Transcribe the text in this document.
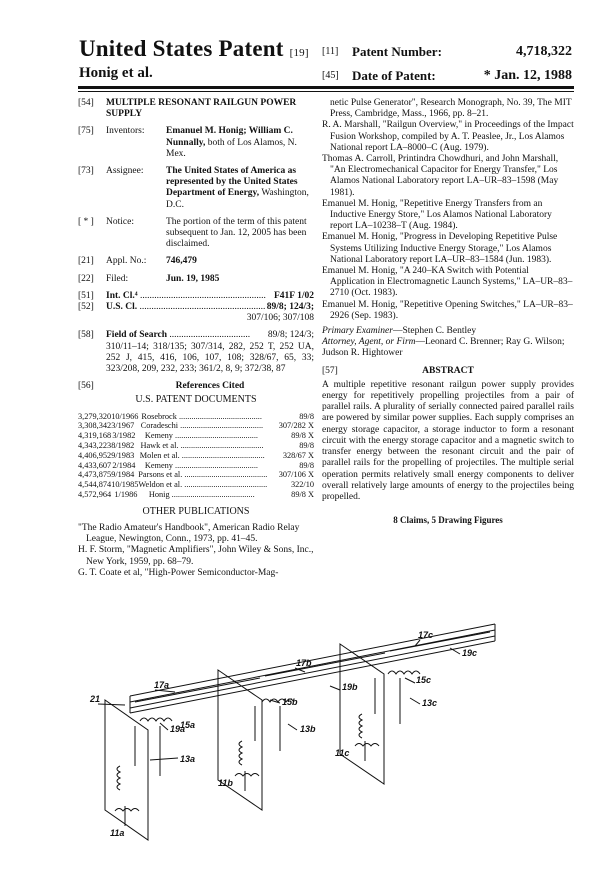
United States Patent [19]
Honig et al.
[11] Patent Number:	4,718,322
[45] Date of Patent:	* Jan. 12, 1988
[54]	MULTIPLE RESONANT RAILGUN POWER SUPPLY
[75]	Inventors:	Emanuel M. Honig; William C. Nunnally, both of Los Alamos, N. Mex.
[73]	Assignee:	The United States of America as represented by the United States Department of Energy, Washington, D.C.
[ * ]	Notice:	The portion of the term of this patent subsequent to Jan. 12, 2005 has been disclaimed.
[21]	Appl. No.:	746,479
[22]	Filed:	Jun. 19, 1985
[51]	Int. Cl.⁴ ..................................................... F41F 1/02
[52]	U.S. Cl. ..................................................... 89/8; 124/3;
307/106; 307/108
[58]	Field of Search ..................................	89/8; 124/3;
310/11–14; 318/135; 307/314, 282, 252 T, 252 UA, 252 J, 415, 416, 106, 107, 108; 328/67, 65, 33; 323/208, 209, 232, 233; 361/2, 8, 9; 372/38, 87
[56]	References Cited
U.S. PATENT DOCUMENTS
3,279,320 10/1966 Rosebrock ........................................	89/8
3,308,342 3/1967 Coradeschi ........................................	307/282 X
4,319,168 3/1982	Kemeny ........................................	89/8 X
4,343,223 8/1982 Hawk et al. ........................................	89/8
4,406,952 9/1983 Molen et al. ........................................	328/67 X
4,433,607 2/1984	Kemeny ........................................	89/8
4,473,875 9/1984 Parsons et al. ........................................	307/106 X
4,544,874 10/1985 Weldon et al. ........................................	322/10
4,572,964 1/1986	Honig ........................................	89/8 X
OTHER PUBLICATIONS

"The Radio Amateur's Handbook", American Radio Relay League, Newington, Conn., 1973, pp. 41–45.

H. F. Storm, "Magnetic Amplifiers", John Wiley & Sons, Inc., New York, 1959, pp. 68–79.

G. T. Coate et al, "High-Power Semiconductor-Mag-

netic Pulse Generator", Research Monograph, No. 39, The MIT Press, Cambridge, Mass., 1966, pp. 8–21.

R. A. Marshall, "Railgun Overview," in Proceedings of the Impact Fusion Workshop, compiled by A. T. Peaslee, Jr., Los Alamos National report LA–8000–C (Aug. 1979).

Thomas A. Carroll, Printindra Chowdhuri, and John Marshall, "An Electromechanical Capacitor for Energy Transfer," Los Alamos National Laboratory report LA–UR–83–1598 (May 1981).

Emanuel M. Honig, "Repetitive Energy Transfers from an Inductive Energy Store," Los Alamos National Laboratory report LA–10238–T (Aug. 1984).

Emanuel M. Honig, "Progress in Developing Repetitive Pulse Systems Utilizing Inductive Energy Storage," Los Alamos National Laboratory report LA–UR–83–1584 (Jun. 1983).

Emanuel M. Honig, "A 240–KA Switch with Potential Application in Electromagnetic Launch Systems," LA–UR–83–2710 (Oct. 1983).

Emanuel M. Honig, "Repetitive Opening Switches," LA–UR–83–2926 (Sep. 1983).

Primary Examiner—Stephen C. Bentley
Attorney, Agent, or Firm—Leonard C. Brenner; Ray G. Wilson; Judson R. Hightower
[57]	ABSTRACT
A multiple repetitive resonant railgun power supply provides energy for repetitively propelling projectiles from a pair of parallel rails. A plurality of serially connected paired parallel rails are powered by similar power supplies. Each supply comprises an energy storage capacitor, a storage inductor to form a resonant circuit with the energy storage capacitor and a magnetic switch to transfer energy between the resonant circuit and the pair of parallel rails for the propelling of projectiles. The multiple serial operation permits relatively small energy components to deliver overall relatively large amounts of energy to the projectiles being propelled.
8 Claims, 5 Drawing Figures
17c
19c
17b
15c
17a	19b
21	15b	13c
19a
15a	13b
11c
13a
11b
11a
